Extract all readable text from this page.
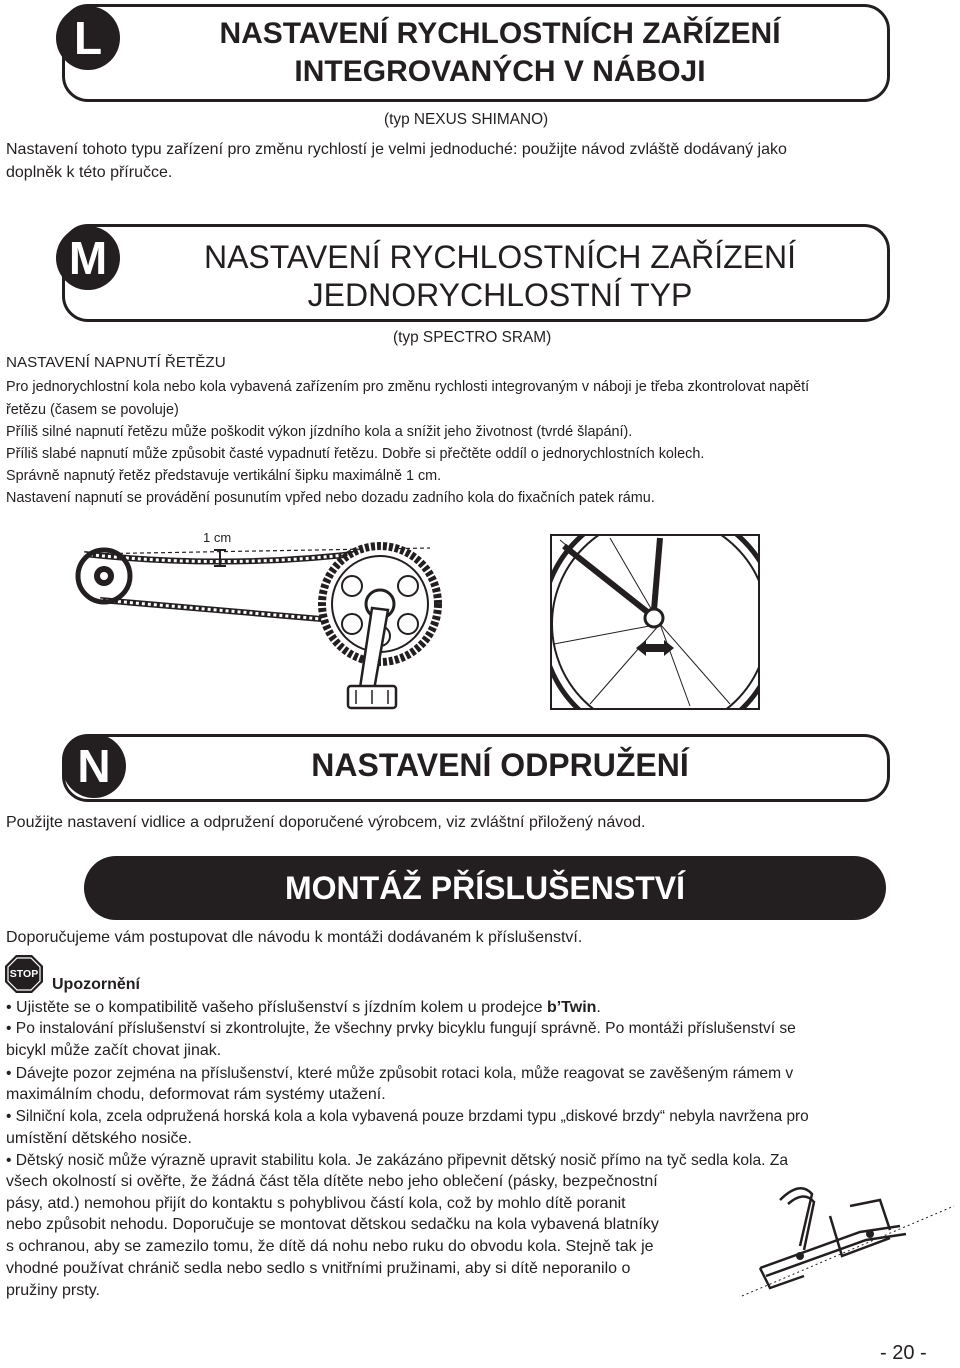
L	NASTAVENÍ RYCHLOSTNÍCH ZAŘÍZENÍ
INTEGROVANÝCH V NÁBOJI
(typ NEXUS SHIMANO)
Nastavení tohoto typu zařízení pro změnu rychlostí je velmi jednoduché: použijte návod zvláště dodávaný jako
doplněk k této příručce.
M	NASTAVENÍ RYCHLOSTNÍCH ZAŘÍZENÍ
JEDNORYCHLOSTNÍ TYP
(typ SPECTRO SRAM)
NASTAVENÍ NAPNUTÍ ŘETĚZU
Pro jednorychlostní kola nebo kola vybavená zařízením pro změnu rychlosti integrovaným v náboji je třeba zkontrolovat napětí
řetězu (časem se povoluje)
Příliš silné napnutí řetězu může poškodit výkon jízdního kola a snížit jeho životnost (tvrdé šlapání).
Příliš slabé napnutí může způsobit časté vypadnutí řetězu. Dobře si přečtěte oddíl o jednorychlostních kolech.
Správně napnutý řetěz představuje vertikální šipku maximálně 1 cm.
Nastavení napnutí se provádění posunutím vpřed nebo dozadu zadního kola do fixačních patek rámu.
1 cm
N	NASTAVENÍ ODPRUŽENÍ
Použijte nastavení vidlice a odpružení doporučené výrobcem, viz zvláštní přiložený návod.
MONTÁŽ PŘÍSLUŠENSTVÍ
Doporučujeme vám postupovat dle návodu k montáži dodávaném k příslušenství.
STOP
Upozornění
• Ujistěte se o kompatibilitě vašeho příslušenství s jízdním kolem u prodejce b’Twin.
• Po instalování příslušenství si zkontrolujte, že všechny prvky bicyklu fungují správně. Po montáži příslušenství se
bicykl může začít chovat jinak.
• Dávejte pozor zejména na příslušenství, které může způsobit rotaci kola, může reagovat se zavěšeným rámem v
maximálním chodu, deformovat rám systémy utažení.
• Silniční kola, zcela odpružená horská kola a kola vybavená pouze brzdami typu „diskové brzdy“ nebyla navržena pro
umístění dětského nosiče.
• Dětský nosič může výrazně upravit stabilitu kola. Je zakázáno připevnit dětský nosič přímo na tyč sedla kola. Za
všech okolností si ověřte, že žádná část těla dítěte nebo jeho oblečení (pásky, bezpečnostní
pásy, atd.) nemohou přijít do kontaktu s pohyblivou částí kola, což by mohlo dítě poranit
nebo způsobit nehodu. Doporučuje se montovat dětskou sedačku na kola vybavená blatníky
s ochranou, aby se zamezilo tomu, že dítě dá nohu nebo ruku do obvodu kola. Stejně tak je
vhodné používat chránič sedla nebo sedlo s vnitřními pružinami, aby si dítě neporanilo o
pružiny prsty.
- 20 -
